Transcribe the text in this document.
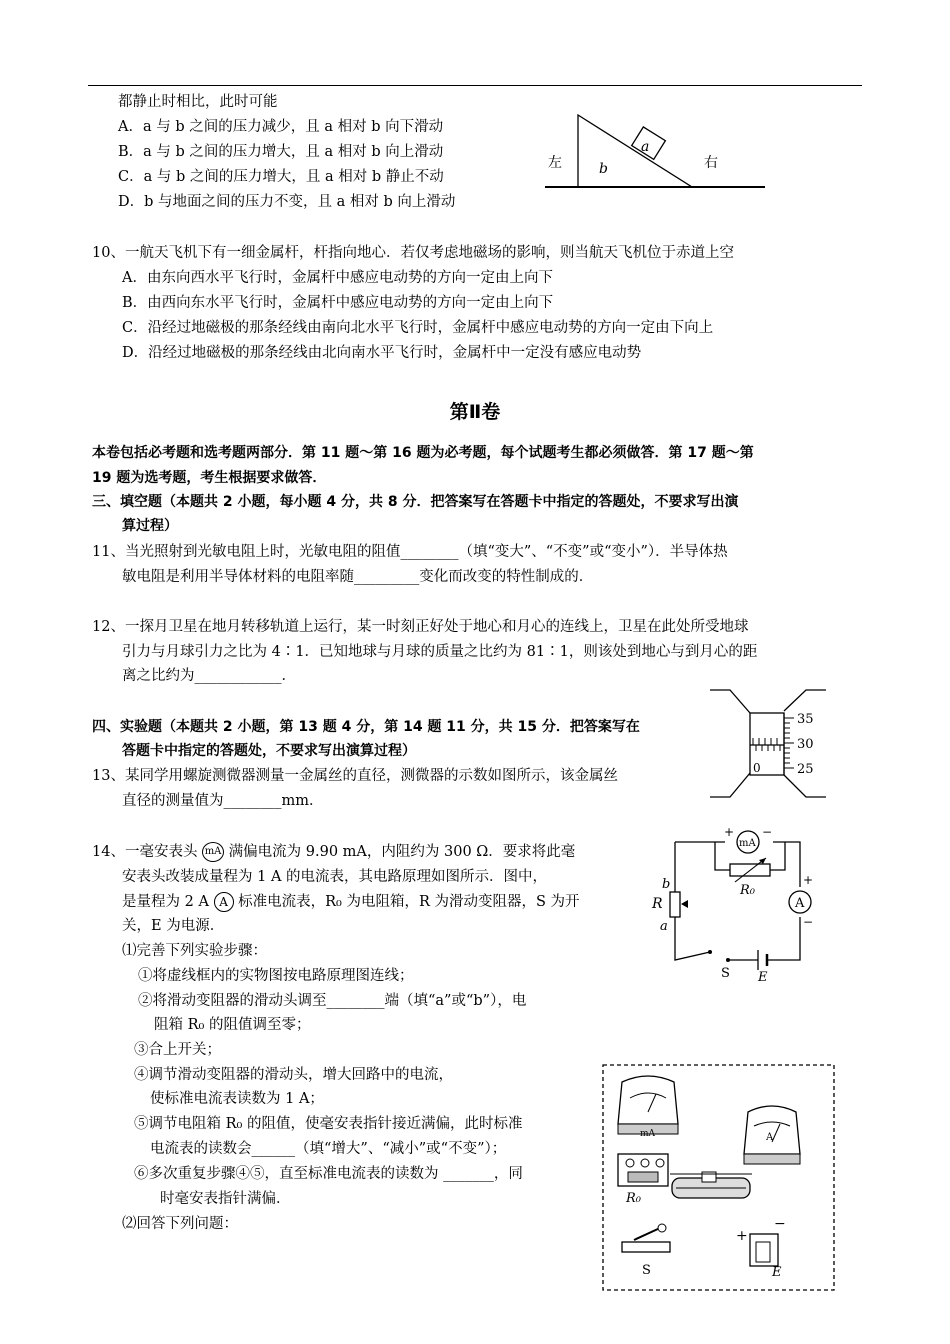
都静止时相比，此时可能
A．a 与 b 之间的压力减少，且 a 相对 b 向下滑动
B．a 与 b 之间的压力增大，且 a 相对 b 向上滑动
C．a 与 b 之间的压力增大，且 a 相对 b 静止不动
D．b 与地面之间的压力不变，且 a 相对 b 向上滑动
a
b
左	右
10、一航天飞机下有一细金属杆，杆指向地心．若仅考虑地磁场的影响，则当航天飞机位于赤道上空
A．由东向西水平飞行时，金属杆中感应电动势的方向一定由上向下
B．由西向东水平飞行时，金属杆中感应电动势的方向一定由上向下
C．沿经过地磁极的那条经线由南向北水平飞行时，金属杆中感应电动势的方向一定由下向上
D．沿经过地磁极的那条经线由北向南水平飞行时，金属杆中一定没有感应电动势
第Ⅱ卷
本卷包括必考题和选考题两部分．第 11 题～第 16 题为必考题，每个试题考生都必须做答．第 17 题～第
19 题为选考题，考生根据要求做答．
三、填空题（本题共 2 小题，每小题 4 分，共 8 分．把答案写在答题卡中指定的答题处，不要求写出演
算过程）
11、当光照射到光敏电阻上时，光敏电阻的阻值________（填“变大”、“不变”或“变小”）．半导体热
敏电阻是利用半导体材料的电阻率随_________变化而改变的特性制成的．
12、一探月卫星在地月转移轨道上运行，某一时刻正好处于地心和月心的连线上，卫星在此处所受地球
引力与月球引力之比为 4∶1．已知地球与月球的质量之比约为 81∶1，则该处到地心与到月心的距
离之比约为____________．
四、实验题（本题共 2 小题，第 13 题 4 分，第 14 题 11 分，共 15 分．把答案写在
答题卡中指定的答题处，不要求写出演算过程）
13、某同学用螺旋测微器测量一金属丝的直径，测微器的示数如图所示，该金属丝
直径的测量值为________mm．
0
35
30
25
14、一毫安表头 mA 满偏电流为 9.90 mA，内阻约为 300 Ω．要求将此毫
安表头改装成量程为 1 A 的电流表，其电路原理如图所示．图中，
是量程为 2 A A 标准电流表，R₀ 为电阻箱，R 为滑动变阻器，S 为开
关，E 为电源．
⑴完善下列实验步骤：
①将虚线框内的实物图按电路原理图连线；
②将滑动变阻器的滑动头调至________端（填“a”或“b”），电
阻箱 R₀ 的阻值调至零；
③合上开关；
④调节滑动变阻器的滑动头，增大回路中的电流，
使标准电流表读数为 1 A；
⑤调节电阻箱 R₀ 的阻值，使毫安表指针接近满偏，此时标准
电流表的读数会______（填“增大”、“减小”或“不变”）；
⑥多次重复步骤④⑤，直至标准电流表的读数为 _______，同
时毫安表指针满偏．
⑵回答下列问题：
mA
+ −
R₀
A
+
−
R
b
a
S E
mA	A
R₀
S
+
−
E
